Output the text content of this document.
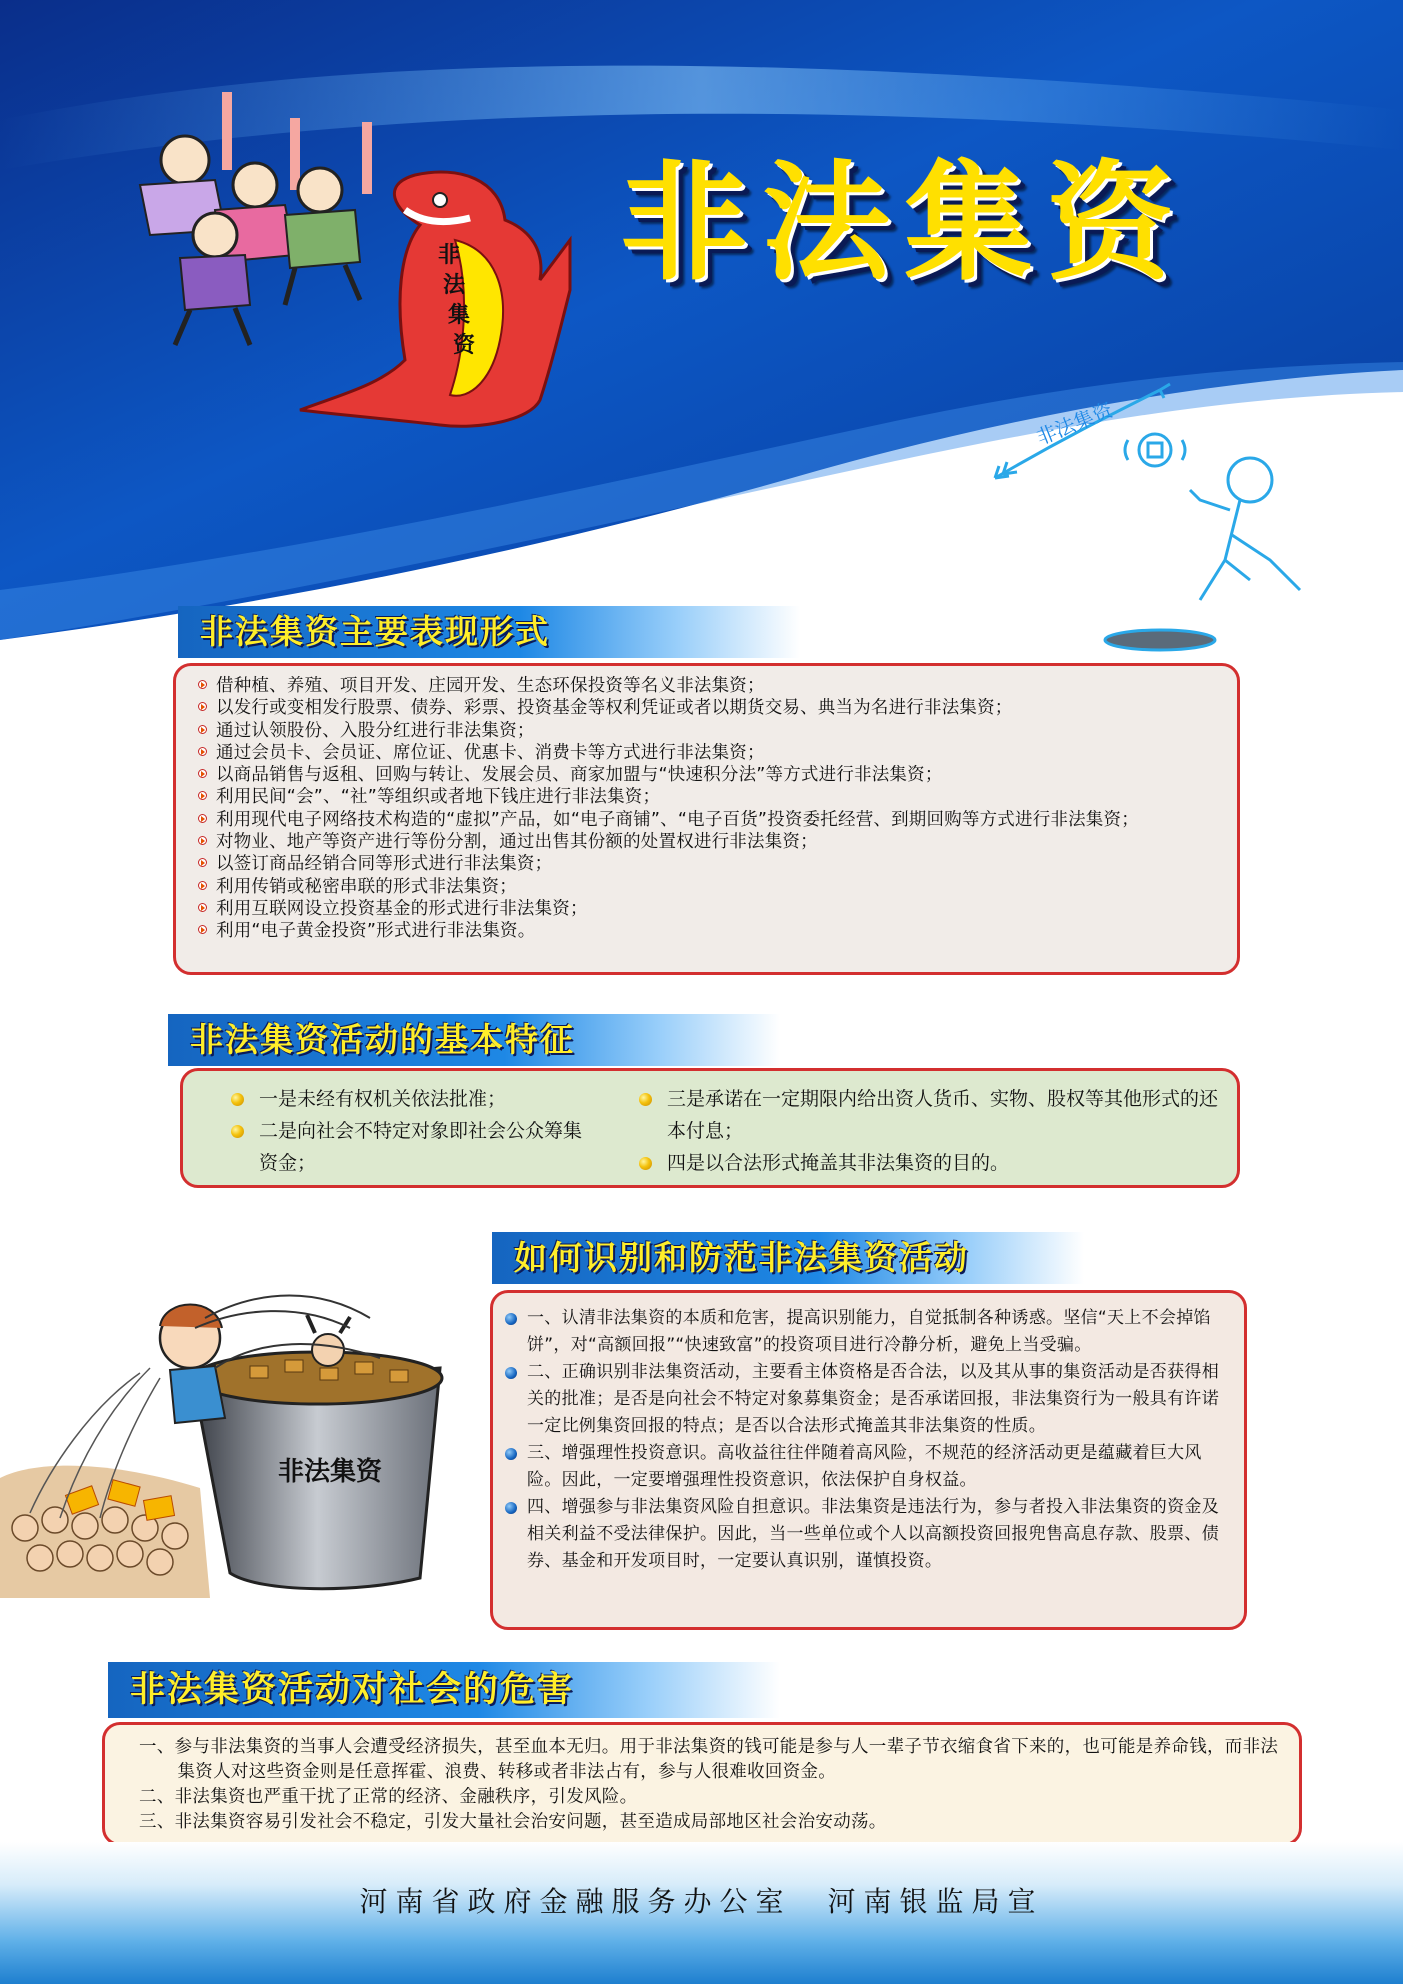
非
法
集
资
非法集资
非法集资
非法集资主要表现形式
借种植、养殖、项目开发、庄园开发、生态环保投资等名义非法集资；
以发行或变相发行股票、债券、彩票、投资基金等权利凭证或者以期货交易、典当为名进行非法集资；
通过认领股份、入股分红进行非法集资；
通过会员卡、会员证、席位证、优惠卡、消费卡等方式进行非法集资；
以商品销售与返租、回购与转让、发展会员、商家加盟与“快速积分法”等方式进行非法集资；
利用民间“会”、“社”等组织或者地下钱庄进行非法集资；
利用现代电子网络技术构造的“虚拟”产品，如“电子商铺”、“电子百货”投资委托经营、到期回购等方式进行非法集资；
对物业、地产等资产进行等份分割，通过出售其份额的处置权进行非法集资；
以签订商品经销合同等形式进行非法集资；
利用传销或秘密串联的形式非法集资；
利用互联网设立投资基金的形式进行非法集资；
利用“电子黄金投资”形式进行非法集资。
非法集资活动的基本特征
一是未经有权机关依法批准；
二是向社会不特定对象即社会公众筹集资金；
三是承诺在一定期限内给出资人货币、实物、股权等其他形式的还本付息；
四是以合法形式掩盖其非法集资的目的。
如何识别和防范非法集资活动
非法集资
一、认清非法集资的本质和危害，提高识别能力，自觉抵制各种诱惑。坚信“天上不会掉馅饼”，对“高额回报”“快速致富”的投资项目进行冷静分析，避免上当受骗。
二、正确识别非法集资活动，主要看主体资格是否合法，以及其从事的集资活动是否获得相关的批准；是否是向社会不特定对象募集资金；是否承诺回报，非法集资行为一般具有许诺一定比例集资回报的特点；是否以合法形式掩盖其非法集资的性质。
三、增强理性投资意识。高收益往往伴随着高风险，不规范的经济活动更是蕴藏着巨大风险。因此，一定要增强理性投资意识，依法保护自身权益。
四、增强参与非法集资风险自担意识。非法集资是违法行为，参与者投入非法集资的资金及相关利益不受法律保护。因此，当一些单位或个人以高额投资回报兜售高息存款、股票、债券、基金和开发项目时，一定要认真识别，谨慎投资。
非法集资活动对社会的危害
一、参与非法集资的当事人会遭受经济损失，甚至血本无归。用于非法集资的钱可能是参与人一辈子节衣缩食省下来的，也可能是养命钱，而非法集资人对这些资金则是任意挥霍、浪费、转移或者非法占有，参与人很难收回资金。
二、非法集资也严重干扰了正常的经济、金融秩序，引发风险。
三、非法集资容易引发社会不稳定，引发大量社会治安问题，甚至造成局部地区社会治安动荡。
河南省政府金融服务办公室　河南银监局宣
